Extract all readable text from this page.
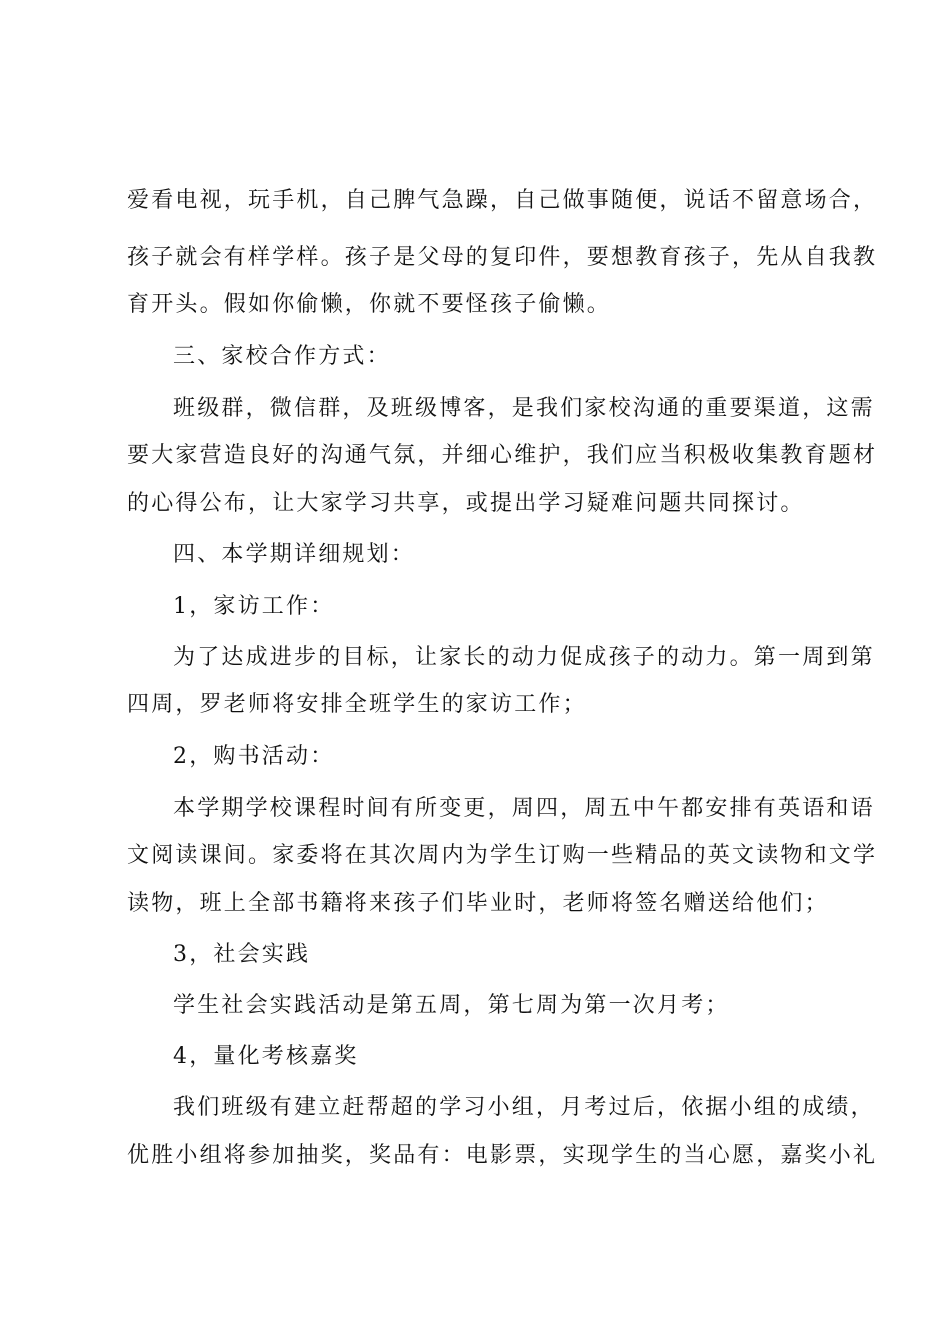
爱看电视，玩手机，自己脾气急躁，自己做事随便，说话不留意场合，
孩子就会有样学样。孩子是父母的复印件，要想教育孩子，先从自我教
育开头。假如你偷懒，你就不要怪孩子偷懒。
三、家校合作方式：
班级群，微信群，及班级博客，是我们家校沟通的重要渠道，这需
要大家营造良好的沟通气氛，并细心维护，我们应当积极收集教育题材
的心得公布，让大家学习共享，或提出学习疑难问题共同探讨。
四、本学期详细规划：
1，家访工作：
为了达成进步的目标，让家长的动力促成孩子的动力。第一周到第
四周，罗老师将安排全班学生的家访工作；
2，购书活动：
本学期学校课程时间有所变更，周四，周五中午都安排有英语和语
文阅读课间。家委将在其次周内为学生订购一些精品的英文读物和文学
读物，班上全部书籍将来孩子们毕业时，老师将签名赠送给他们；
3，社会实践
学生社会实践活动是第五周，第七周为第一次月考；
4，量化考核嘉奖
我们班级有建立赶帮超的学习小组，月考过后，依据小组的成绩，
优胜小组将参加抽奖，奖品有：电影票，实现学生的当心愿，嘉奖小礼
